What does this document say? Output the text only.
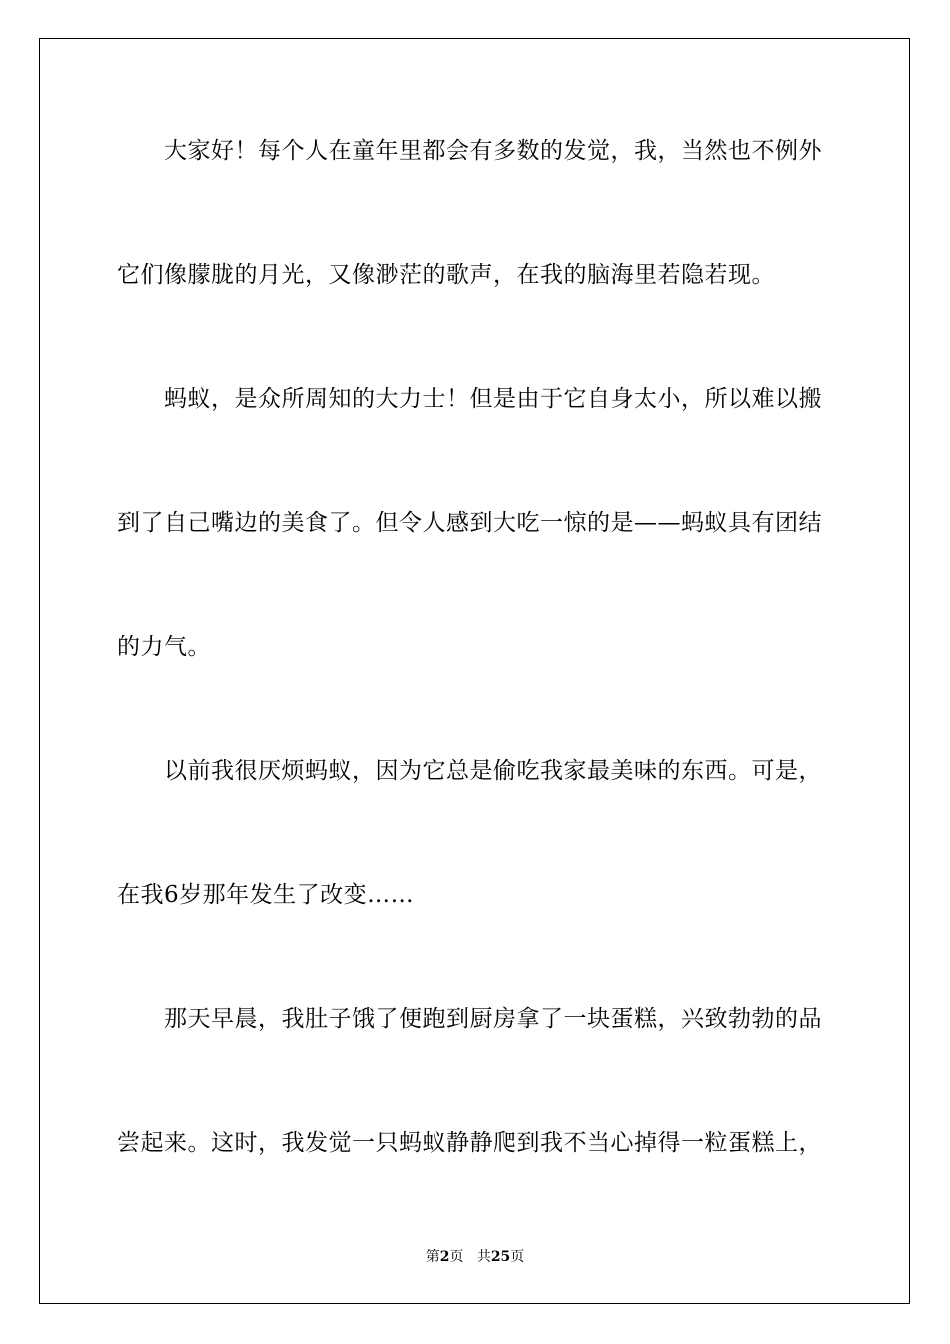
大家好！每个人在童年里都会有多数的发觉，我，当然也不例外
它们像朦胧的月光，又像渺茫的歌声，在我的脑海里若隐若现。
蚂蚁，是众所周知的大力士！但是由于它自身太小，所以难以搬
到了自己嘴边的美食了。但令人感到大吃一惊的是——蚂蚁具有团结
的力气。
以前我很厌烦蚂蚁，因为它总是偷吃我家最美味的东西。可是，
在我6岁那年发生了改变……
那天早晨，我肚子饿了便跑到厨房拿了一块蛋糕，兴致勃勃的品
尝起来。这时，我发觉一只蚂蚁静静爬到我不当心掉得一粒蛋糕上，
第2页 共25页
